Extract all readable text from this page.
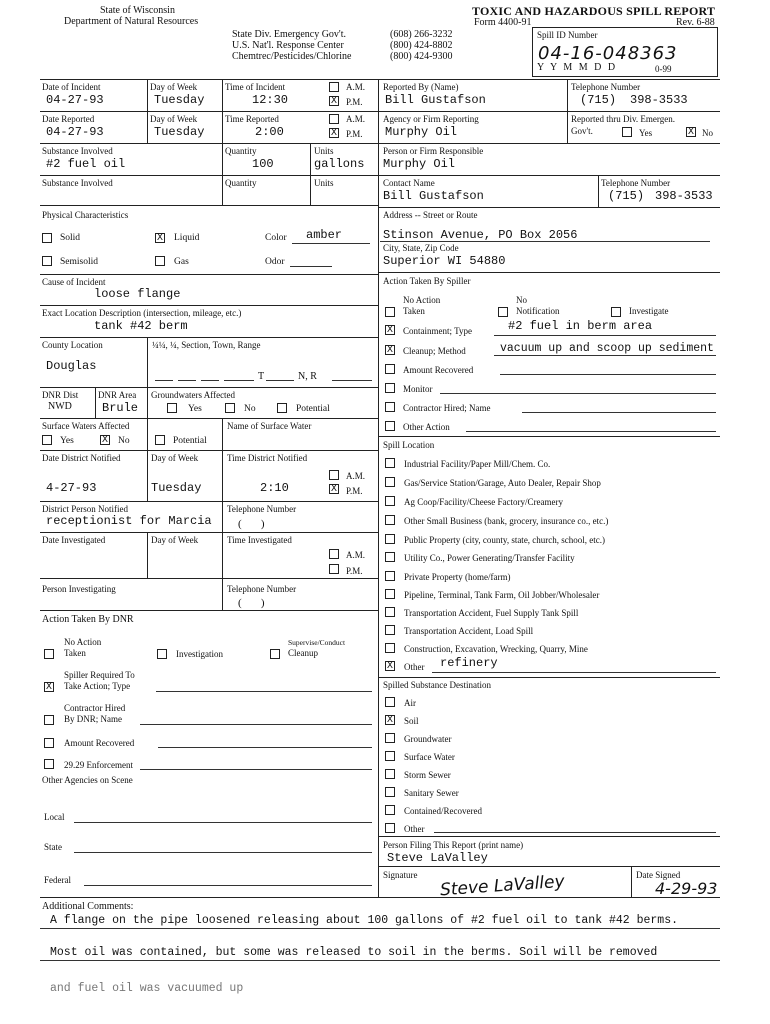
State of Wisconsin
Department of Natural Resources
State Div. Emergency Gov't.
U.S. Nat'l. Response Center
Chemtrec/Pesticides/Chlorine
(608) 266-3232
(800) 424-8802
(800) 424-9300
TOXIC AND HAZARDOUS SPILL REPORT
Form 4400-91	Rev. 6-88
Spill ID Number
04-16-048363
Y Y M M D D	0-99
Date of Incident
04-27-93
Day of Week
Tuesday
Time of Incident
12:30
A.M.
X P.M.
Reported By (Name)
Bill Gustafson
Telephone Number
(715) 398-3533
Date Reported
04-27-93
Day of Week
Tuesday
Time Reported
2:00
A.M.
X P.M.
Agency or Firm Reporting
Murphy Oil
Reported thru Div. Emergen.
Gov't.	Yes	X No
Substance Involved
#2 fuel oil
Quantity
100
Units
gallons
Person or Firm Responsible
Murphy Oil
Substance Involved	Quantity	Units	Contact Name
Bill Gustafson
Telephone Number
(715) 398-3533
Physical Characteristics
Solid	X Liquid	Color amber
Semisolid	Gas	Odor
Cause of Incident
loose flange
Exact Location Description (intersection, mileage, etc.)
tank #42 berm
County Location
Douglas
¼¼, ¼, Section, Town, Range
T	N, R
DNR Dist
NWD
DNR Area
Brule
Groundwaters Affected
Yes	No	Potential
Surface Waters Affected
Yes	X No	Potential
Name of Surface Water
Date District Notified
4-27-93
Day of Week
Tuesday
Time District Notified
2:10
A.M.
X P.M.
District Person Notified
receptionist for Marcia
Telephone Number
(       )
Date Investigated	Day of Week	Time Investigated
A.M.
P.M.
Person Investigating	Telephone Number
(       )
Action Taken By DNR
No Action
Taken	Investigation
Supervise/Conduct
Cleanup
Spiller Required To
X Take Action; Type
Contractor Hired
By DNR; Name
Amount Recovered
29.29 Enforcement
Other Agencies on Scene
Local
State
Federal
Address -- Street or Route
Stinson Avenue, PO Box 2056
City, State, Zip Code
Superior WI 54880
Action Taken By Spiller
No Action
Taken
No
Notification	Investigate
X Containment; Type	#2 fuel in berm area
X Cleanup; Method	vacuum up and scoop up sediment
Amount Recovered
Monitor
Contractor Hired; Name
Other Action
Spill Location
Industrial Facility/Paper Mill/Chem. Co.
Gas/Service Station/Garage, Auto Dealer, Repair Shop
Ag Coop/Facility/Cheese Factory/Creamery
Other Small Business (bank, grocery, insurance co., etc.)
Public Property (city, county, state, church, school, etc.)
Utility Co., Power Generating/Transfer Facility
Private Property (home/farm)
Pipeline, Terminal, Tank Farm, Oil Jobber/Wholesaler
Transportation Accident, Fuel Supply Tank Spill
Transportation Accident, Load Spill
Construction, Excavation, Wrecking, Quarry, Mine
X Other refinery
Spilled Substance Destination
Air
X Soil
Groundwater
Surface Water
Storm Sewer
Sanitary Sewer
Contained/Recovered
Other
Person Filing This Report (print name)
Steve LaValley
Signature Steve LaValley	Date Signed
4-29-93
Additional Comments:
A flange on the pipe loosened releasing about 100 gallons of #2 fuel oil to tank #42 berms.
Most oil was contained, but some was released to soil in the berms. Soil will be removed
and fuel oil was vacuumed up
